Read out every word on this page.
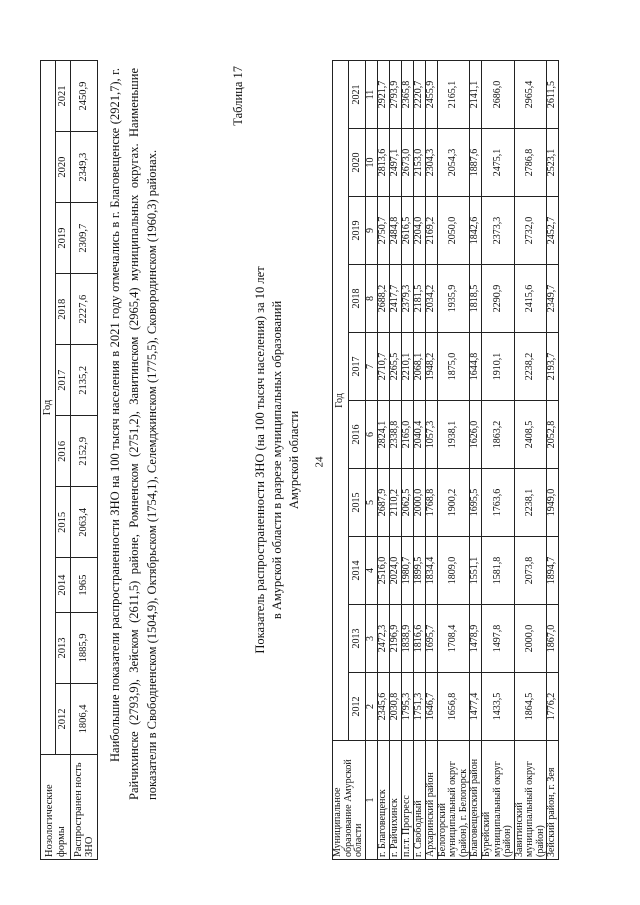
24
Нозологические формы	Год									
	2012	2013	2014	2015	2016	2017	2018	2019	2020	2021
Распространен ность ЗНО	1806,4	1885,9	1965	2063,4	2152,9	2135,2	2227,6	2309,7	2349,3	2450,9 Наибольшие показатели распространенности ЗНО на 100 тысяч населения в 2021 году отмечались в г. Благовещенске (2921,7), г. Райчихинске (2793,9), Зейском (2611,5) районе, Ромненском (2751,2), Завитинском (2965,4) муниципальных округах. Наименьшие показатели в Свободненском (1504,9), Октябрьском (1754,1), Селемджинском (1775,5), Сковородинском (1960,3) районах.
Таблица 17
Показатель распространенности ЗНО (на 100 тысяч населения) за 10 лет в Амурской области в разрезе муниципальных образований Амурской области
Муниципальное образование Амурской области	Год									
	2012	2013	2014	2015	2016	2017	2018	2019	2020	2021
1	2	3	4	5	6	7	8	9	10	11
г. Благовещенск	2345,6	2472,3	2516,0	2687,9	2824,1	2710,7	2688,2	2750,7	2813,6	2921,7
г. Райчихинск	2030,8	2196,9	2024,0	2110,2	2338,8	2265,5	2417,7	2484,8	2497,1	2793,9
п.г.т. Прогресс	1795,3	1838,9	1980,7	2062,5	2165,0	2210,1	2379,3	2616,5	2673,0	2365,8
г. Свободный	1751,3	1816,6	1899,5	2000,0	2040,4	2068,1	2181,5	2204,0	2153,0	2220,7
Архаринский район	1646,7	1695,7	1834,4	1768,8	1057,3	1948,2	2034,2	2169,2	2304,3	2455,9
Белогорский муниципальный округ (район), г. Белогорск	1656,8	1708,4	1809,0	1900,2	1938,1	1875,0	1935,9	2050,0	2054,3	2165,1
Благовещенский район	1477,4	1478,9	1551,1	1695,5	1626,0	1644,8	1818,5	1842,6	1887,6	2141,1
Бурейский муниципальный округ (район)	1433,5	1497,8	1581,8	1763,6	1863,2	1910,1	2290,9	2373,3	2475,1	2686,0
Завитинский муниципальный округ (район)	1864,5	2000,0	2073,8	2238,1	2408,5	2238,2	2415,6	2732,0	2786,8	2965,4
Зейский район, г. Зея	1776,2	1867,0	1894,7	1949,0	2052,8	2193,7	2349,7	2452,7	2523,1	2611,5
